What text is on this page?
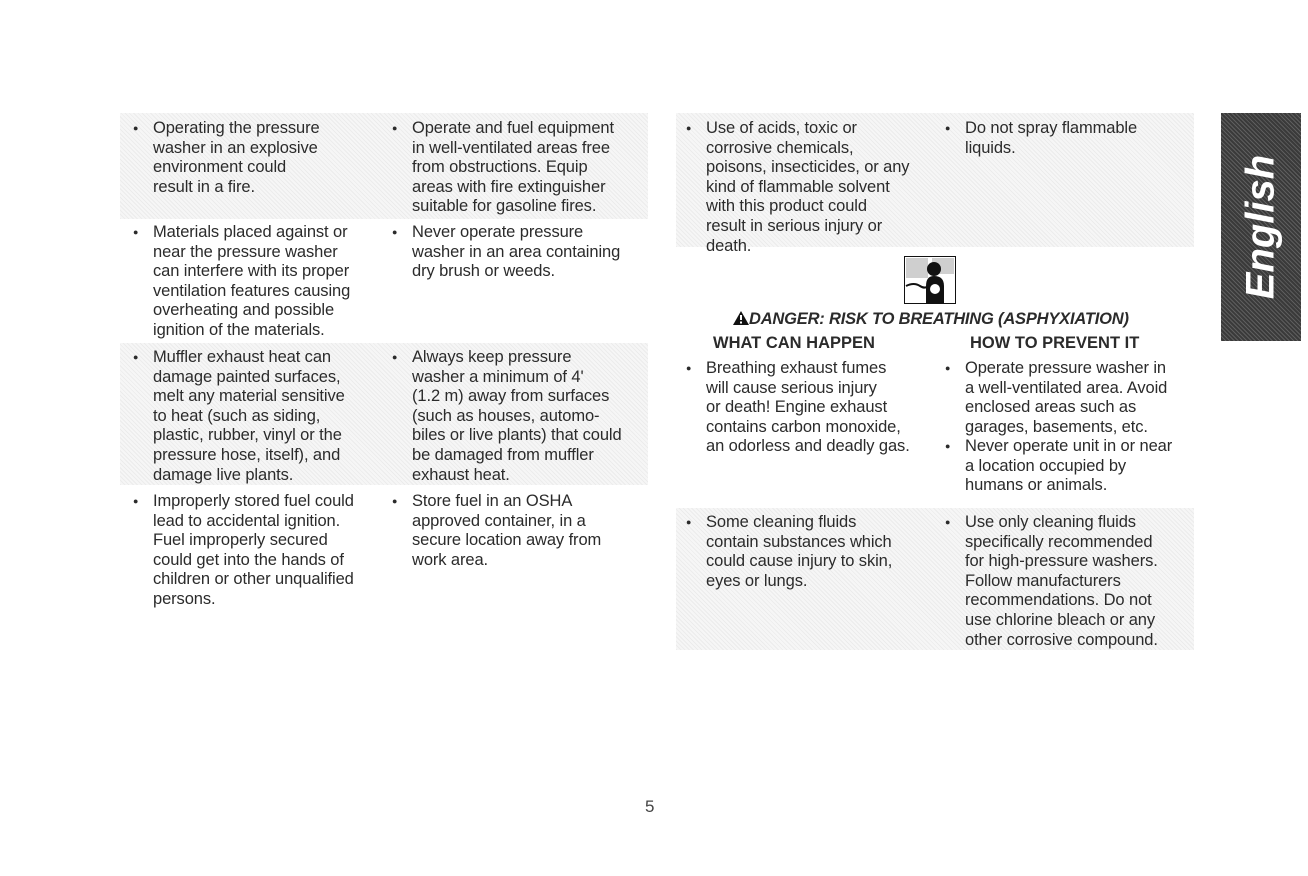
● Operating the pressure
washer in an explosive
environment could
result in a fire.
● Operate and fuel equipment
in well-ventilated areas free
from obstructions. Equip
areas with fire extinguisher
suitable for gasoline fires.
● Materials placed against or
near the pressure washer
can interfere with its proper
ventilation features causing
overheating and possible
ignition of the materials.
● Never operate pressure
washer in an area containing
dry brush or weeds.
● Muffler exhaust heat can
damage painted surfaces,
melt any material sensitive
to heat (such as siding,
plastic, rubber, vinyl or the
pressure hose, itself), and
damage live plants.
● Always keep pressure
washer a minimum of 4'
(1.2 m) away from surfaces
(such as houses, automo-
biles or live plants) that could
be damaged from muffler
exhaust heat.
● Improperly stored fuel could
lead to accidental ignition.
Fuel improperly secured
could get into the hands of
children or other unqualified
persons.
● Store fuel in an OSHA
approved container, in a
secure location away from
work area.
● Use of acids, toxic or
corrosive chemicals,
poisons, insecticides, or any
kind of flammable solvent
with this product could
result in serious injury or
death.
● Do not spray flammable
liquids.
DANGER: RISK TO BREATHING (ASPHYXIATION)
WHAT CAN HAPPEN	HOW TO PREVENT IT
● Breathing exhaust fumes
will cause serious injury
or death! Engine exhaust
contains carbon monoxide,
an odorless and deadly gas.
● Operate pressure washer in
a well-ventilated area. Avoid
enclosed areas such as
garages, basements, etc.
● Never operate unit in or near
a location occupied by
humans or animals.
● Some cleaning fluids
contain substances which
could cause injury to skin,
eyes or lungs.
● Use only cleaning fluids
specifically recommended
for high-pressure washers.
Follow manufacturers
recommendations. Do not
use chlorine bleach or any
other corrosive compound.
English
5
